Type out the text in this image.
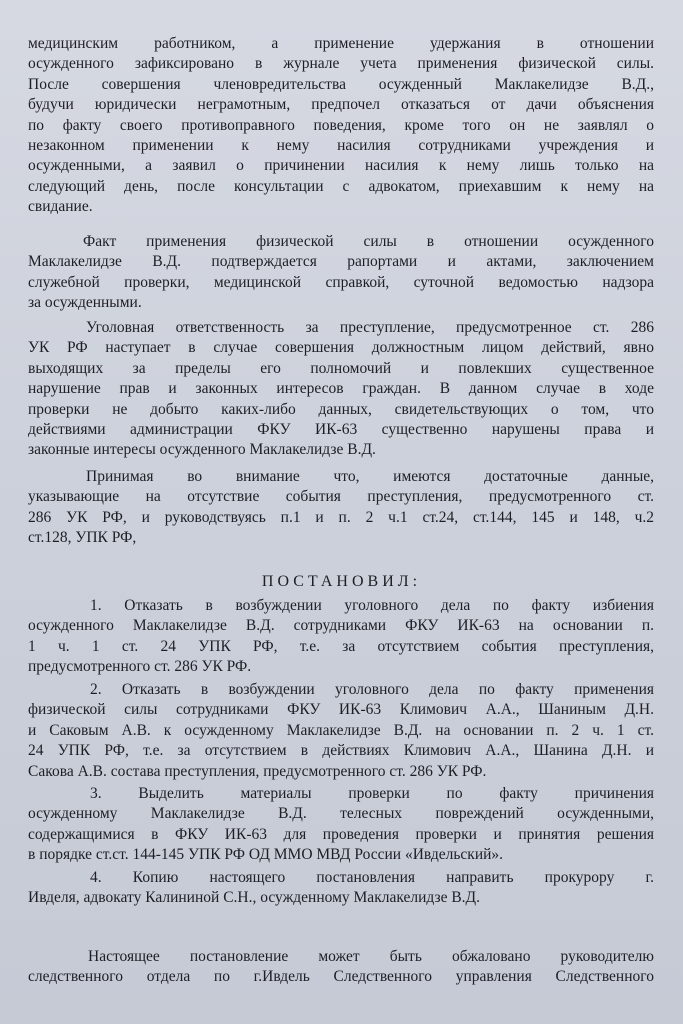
медицинским работником, а применение удержания в отношении
осужденного зафиксировано в журнале учета применения физической силы.
После совершения членовредительства осужденный Маклакелидзе В.Д.,
будучи юридически неграмотным, предпочел отказаться от дачи объяснения
по факту своего противоправного поведения, кроме того он не заявлял о
незаконном применении к нему насилия сотрудниками учреждения и
осужденными, а заявил о причинении насилия к нему лишь только на
следующий день, после консультации с адвокатом, приехавшим к нему на
свидание.
Факт применения физической силы в отношении осужденного
Маклакелидзе В.Д. подтверждается рапортами и актами, заключением
служебной проверки, медицинской справкой, суточной ведомостью надзора
за осужденными.
Уголовная ответственность за преступление, предусмотренное ст. 286
УК РФ наступает в случае совершения должностным лицом действий, явно
выходящих за пределы его полномочий и повлекших существенное
нарушение прав и законных интересов граждан. В данном случае в ходе
проверки не добыто каких-либо данных, свидетельствующих о том, что
действиями администрации ФКУ ИК-63 существенно нарушены права и
законные интересы осужденного Маклакелидзе В.Д.
Принимая во внимание что, имеются достаточные данные,
указывающие на отсутствие события преступления, предусмотренного ст.
286 УК РФ, и руководствуясь п.1 и п. 2 ч.1 ст.24, ст.144, 145 и 148, ч.2
ст.128, УПК РФ,
ПОСТАНОВИЛ:
1. Отказать в возбуждении уголовного дела по факту избиения
осужденного Маклакелидзе В.Д. сотрудниками ФКУ ИК-63 на основании п.
1 ч. 1 ст. 24 УПК РФ, т.е. за отсутствием события преступления,
предусмотренного ст. 286 УК РФ.
2. Отказать в возбуждении уголовного дела по факту применения
физической силы сотрудниками ФКУ ИК-63 Климович А.А., Шаниным Д.Н.
и Саковым А.В. к осужденному Маклакелидзе В.Д. на основании п. 2 ч. 1 ст.
24 УПК РФ, т.е. за отсутствием в действиях Климович А.А., Шанина Д.Н. и
Сакова А.В. состава преступления, предусмотренного ст. 286 УК РФ.
3. Выделить материалы проверки по факту причинения
осужденному Маклакелидзе В.Д. телесных повреждений осужденными,
содержащимися в ФКУ ИК-63 для проведения проверки и принятия решения
в порядке ст.ст. 144-145 УПК РФ ОД ММО МВД России «Ивдельский».
4. Копию настоящего постановления направить прокурору г.
Ивделя, адвокату Калининой С.Н., осужденному Маклакелидзе В.Д.
Настоящее постановление может быть обжаловано руководителю
следственного отдела по г.Ивдель Следственного управления Следственного
